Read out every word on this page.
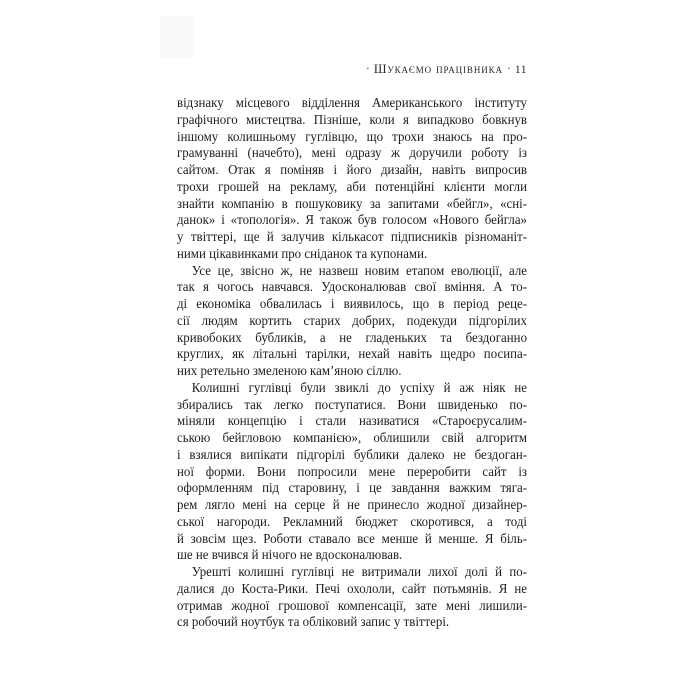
· Шукаємо працівника · 11
відзнаку місцевого відділення Американського інституту
графічного мистецтва. Пізніше, коли я випадково бовкнув
іншому колишньому гуглівцю, що трохи знаюсь на про-
грамуванні (начебто), мені одразу ж доручили роботу із
сайтом. Отак я поміняв і його дизайн, навіть випросив
трохи грошей на рекламу, аби потенційні клієнти могли
знайти компанію в пошуковику за запитами «бейгл», «сні-
данок» і «топологія». Я також був голосом «Нового бейгла»
у твіттері, ще й залучив кількасот підписників різноманіт-
ними цікавинками про сніданок та купонами.
Усе це, звісно ж, не назвеш новим етапом еволюції, але
так я чогось навчався. Удосконалював свої вміння. А то-
ді економіка обвалилась і виявилось, що в період реце-
сії людям кортить старих добрих, подекуди підгорілих
кривобоких бубликів, а не гладеньких та бездоганно
круглих, як літальні тарілки, нехай навіть щедро посипа-
них ретельно змеленою кам’яною сіллю.
Колишні гуглівці були звиклі до успіху й аж ніяк не
збирались так легко поступатися. Вони швиденько по-
міняли концепцію і стали називатися «Староєрусалим-
ською бейгловою компанією», облишили свій алгоритм
і взялися випікати підгорілі бублики далеко не бездоган-
ної форми. Вони попросили мене переробити сайт із
оформленням під старовину, і це завдання важким тяга-
рем лягло мені на серце й не принесло жодної дизайнер-
ської нагороди. Рекламний бюджет скоротився, а тоді
й зовсім щез. Роботи ставало все менше й менше. Я біль-
ше не вчився й нічого не вдосконалював.
Урешті колишні гуглівці не витримали лихої долі й по-
далися до Коста-Рики. Печі охололи, сайт потьмянів. Я не
отримав жодної грошової компенсації, зате мені лишили-
ся робочий ноутбук та обліковий запис у твіттері.
